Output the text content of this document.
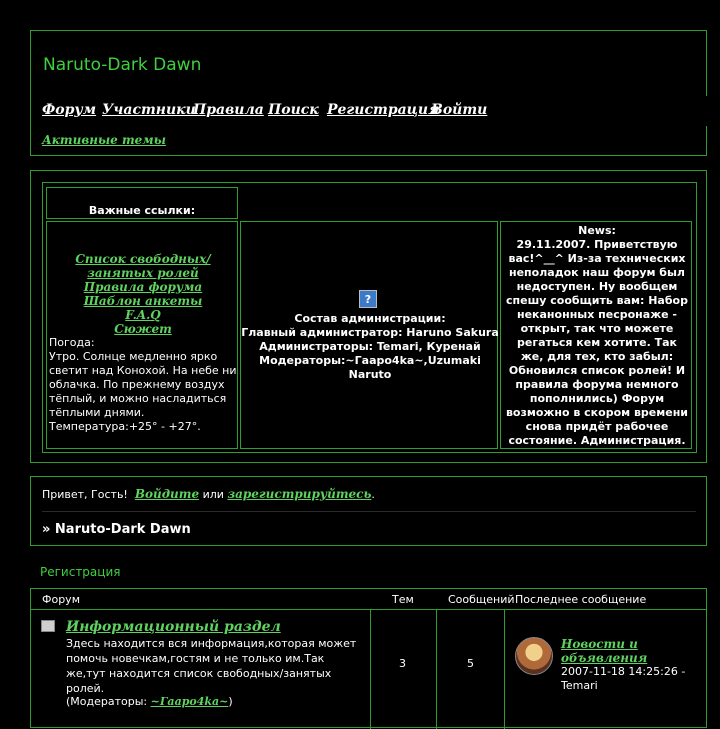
Naruto-Dark Dawn
Форум Участники
Правила Поиск Регистрация
Войти
Активные темы
Важные ссылки:
Список свободных/занятых ролей
Правила форума
Шаблон анкеты
F.A.Q
Сюжет
Погода:
Утро. Солнце медленно ярко светит над Конохой. На небе ни облачка. По прежнему воздух тёплый, и можно насладиться тёплыми днями.
Температура:+25° - +27°.
?
Состав администрации:
Главный администратор: Haruno Sakura
Администраторы: Temari, Куренай
Модераторы:~Гааро4ka~,Uzumaki Naruto
News:
29.11.2007. Приветствую вас!^__^ Из-за технических неполадок наш форум был недоступен. Ну вообщем спешу сообщить вам: Набор неканонных песронаже - открыт, так что можете регаться кем хотите. Так же, для тех, кто забыл: Обновился список ролей! И правила форума немного пополнились) Форум возможно в скором времени снова придёт рабочее состояние. Администрация.
Привет, Гость! Войдите или зарегистрируйтесь.
» Naruto-Dark Dawn
Регистрация
Форум	Тем	Сообщений Последнее сообщение
Информационный раздел
Здесь находится вся информация,которая может помочь новечкам,гостям и не только им.Так же,тут находится список свободных/занятых ролей.
(Модераторы: ~Гааро4ka~)
3	5
Новости и объявления
2007-11-18 14:25:26 -
Temari
